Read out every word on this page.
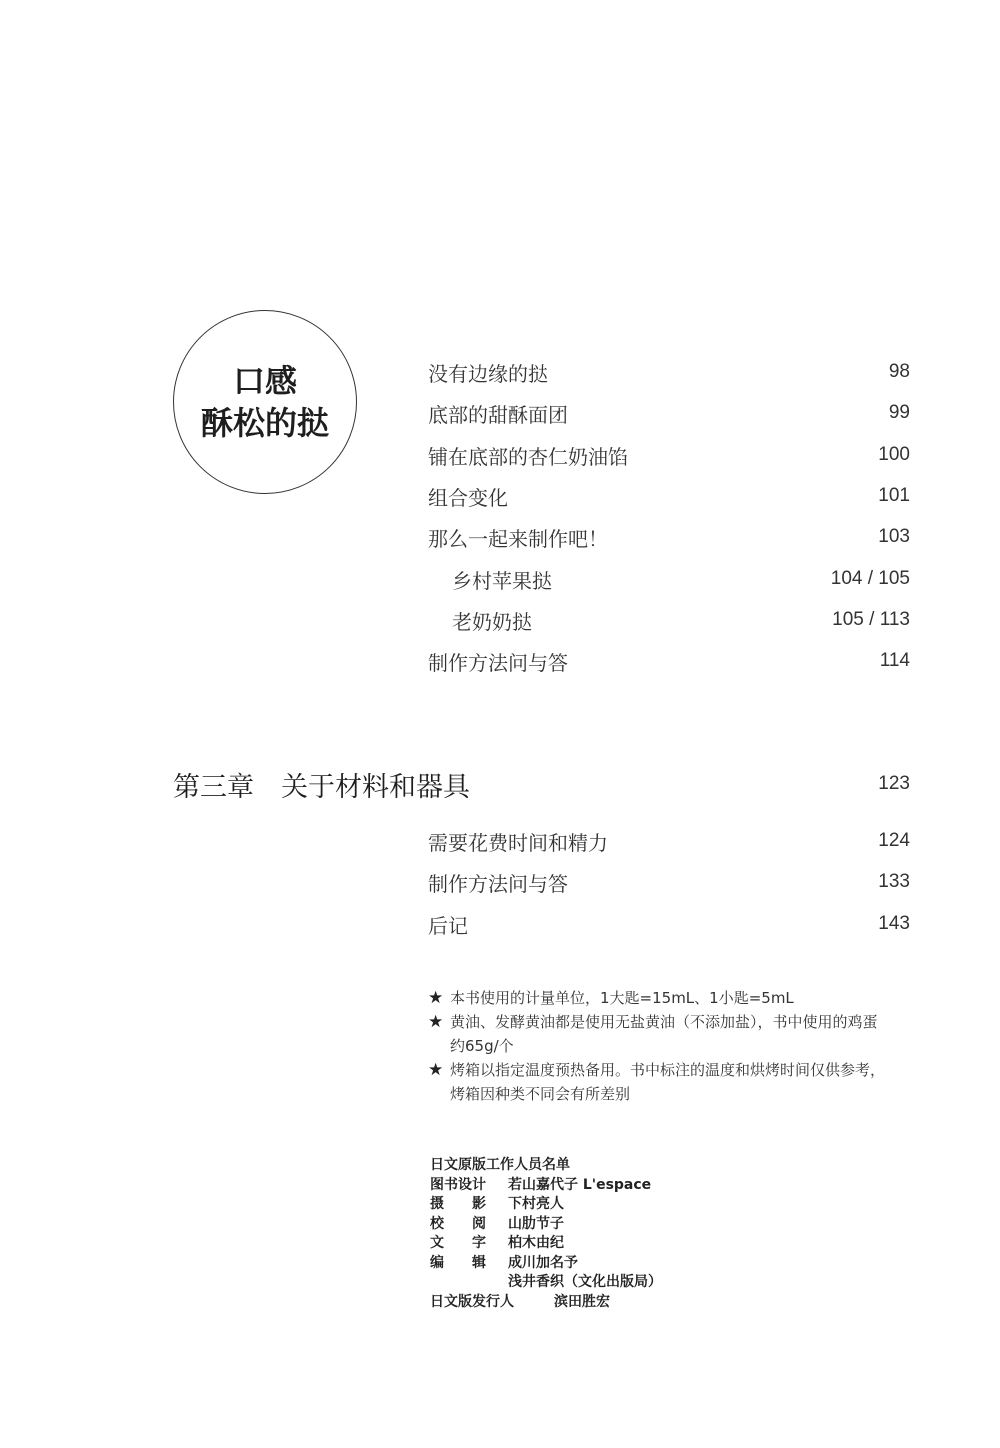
口感
酥松的挞
没有边缘的挞	98
底部的甜酥面团	99
铺在底部的杏仁奶油馅	100
组合变化	101
那么一起来制作吧！	103
乡村苹果挞	104 / 105
老奶奶挞	105 / 113
制作方法问与答	114
第三章　关于材料和器具	123
需要花费时间和精力	124
制作方法问与答	133
后记	143
★ 本书使用的计量单位，1大匙=15mL、1小匙=5mL
★ 黄油、发酵黄油都是使用无盐黄油（不添加盐），书中使用的鸡蛋
约65g/个
★ 烤箱以指定温度预热备用。书中标注的温度和烘烤时间仅供参考，
烤箱因种类不同会有所差别
日文原版工作人员名单
图书设计	若山嘉代子 L'espace
摄　　影	下村亮人
校　　阅	山肋节子
文　　字	柏木由纪
编　　辑	成川加名予
浅井香织（文化出版局）
日文版发行人	滨田胜宏
